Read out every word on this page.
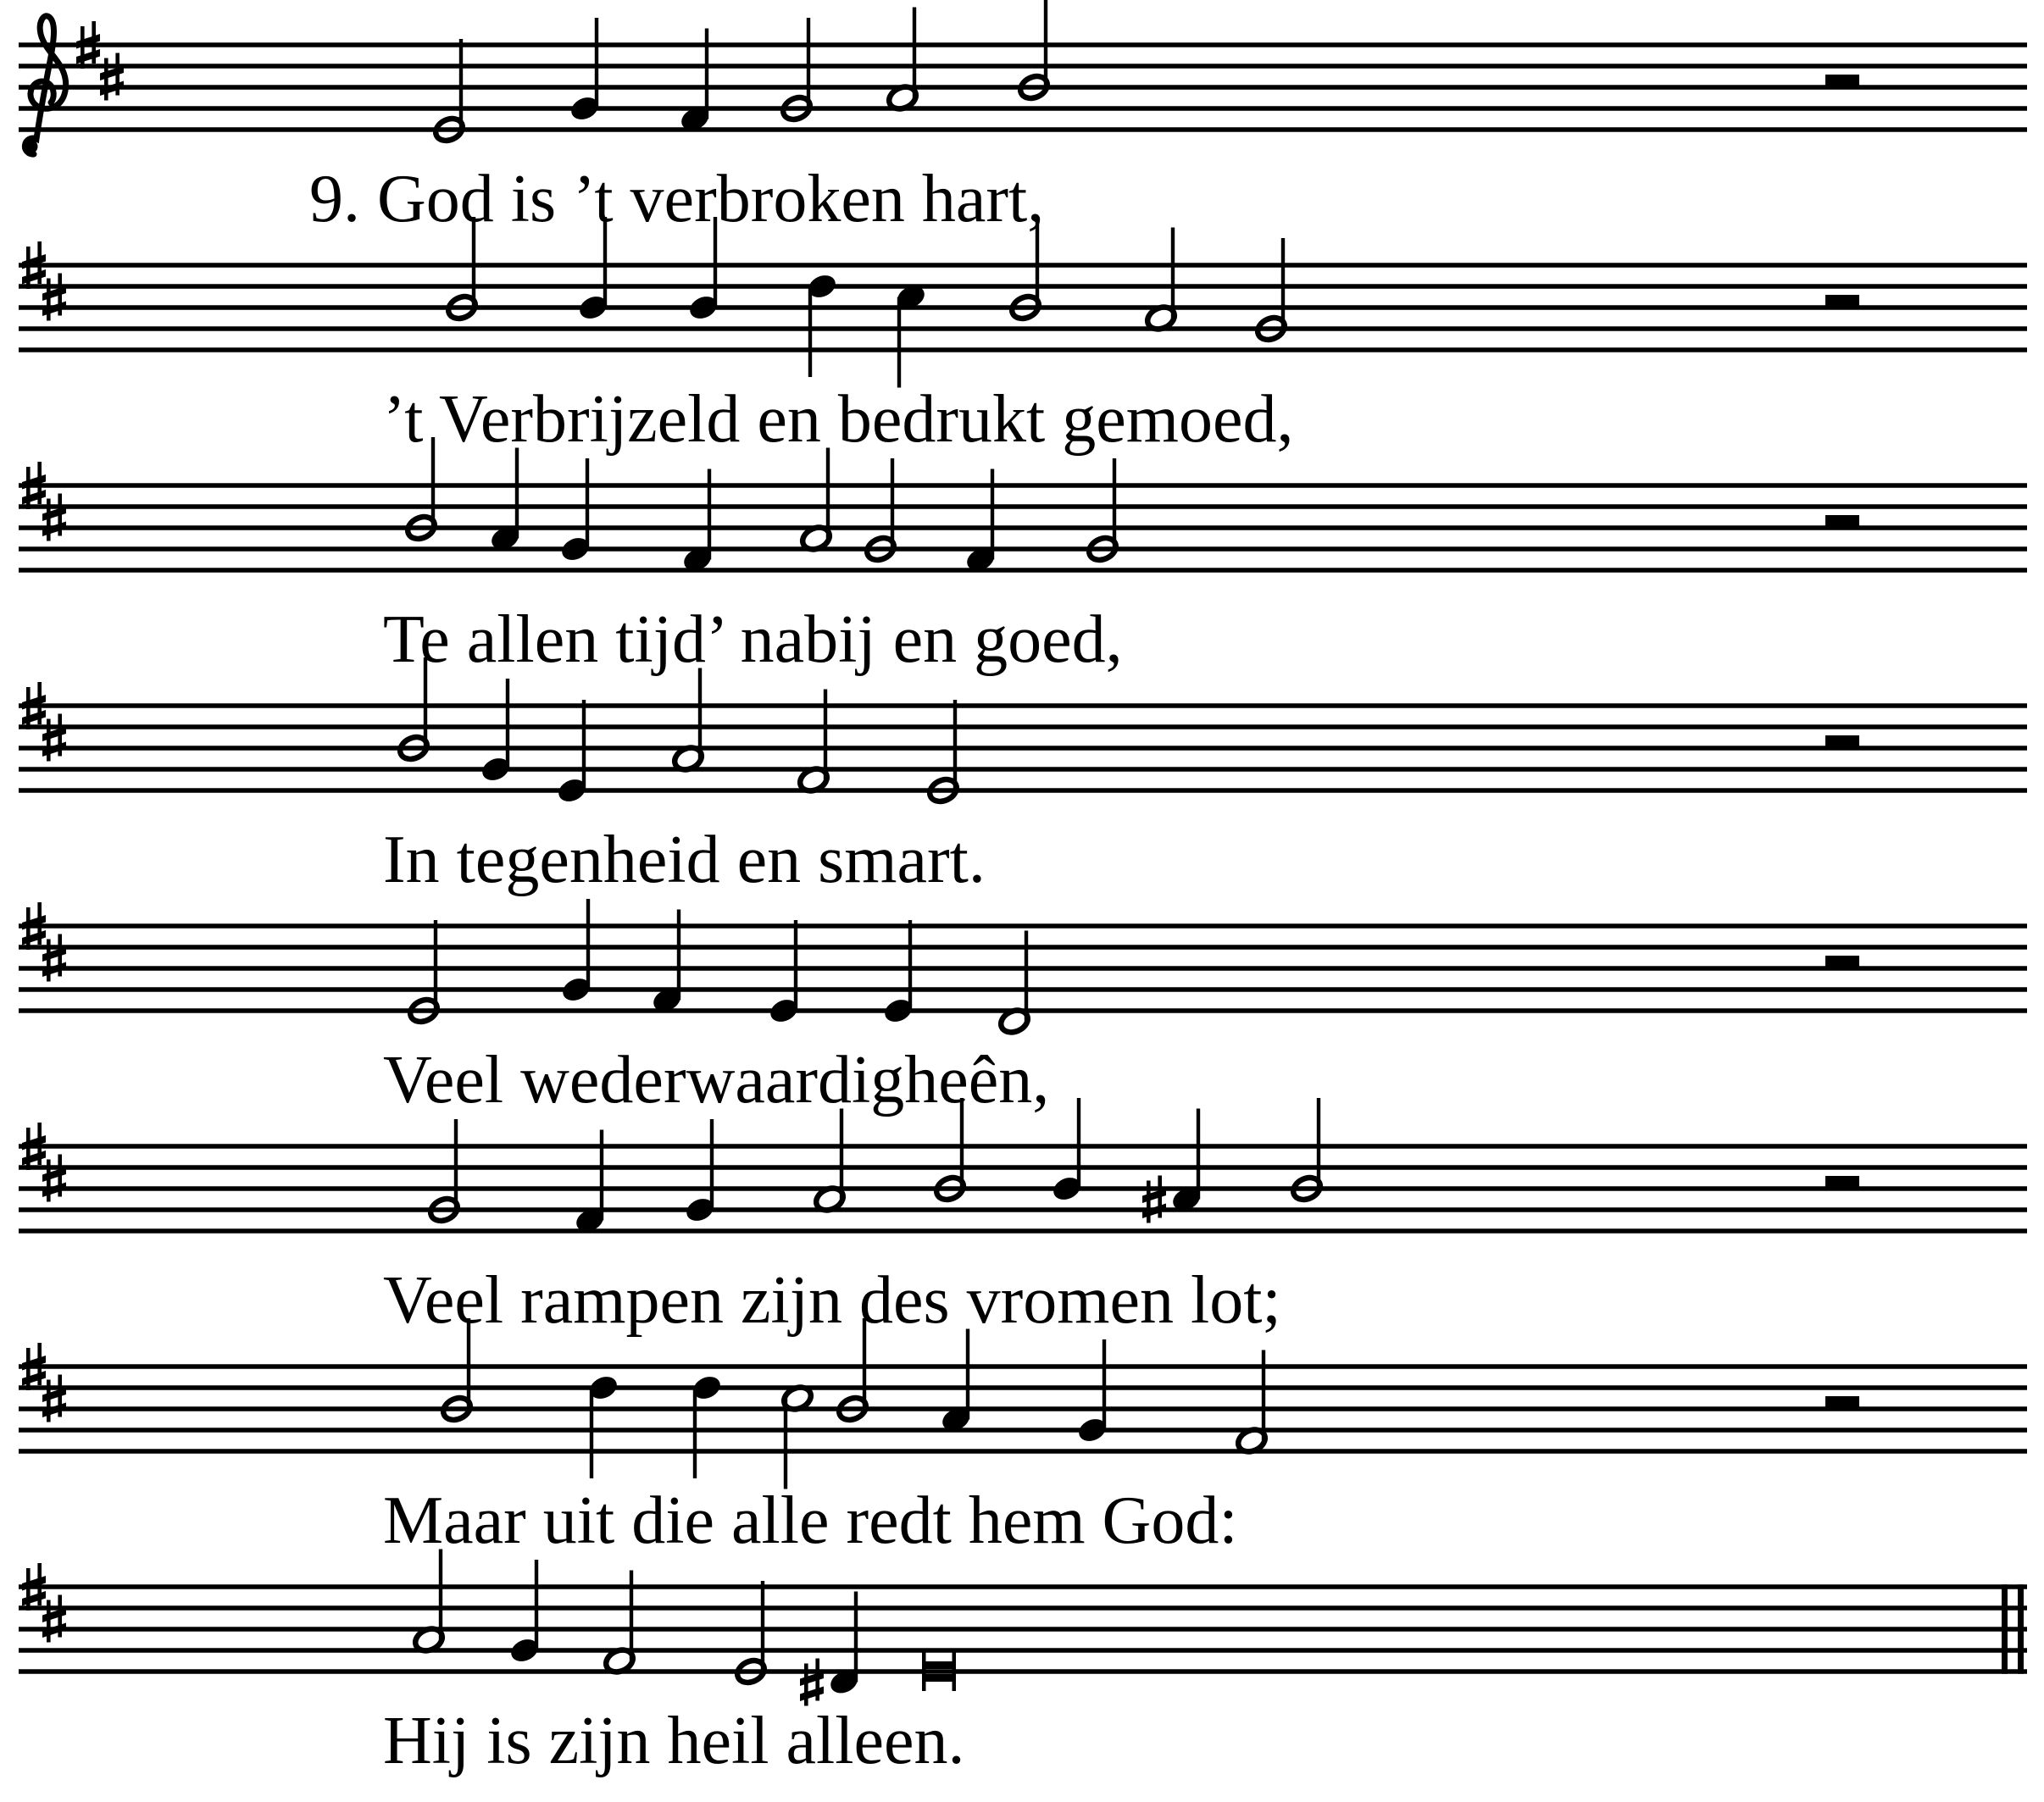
9. God is ’t verbroken hart,
’t Verbrijzeld en bedrukt gemoed,
Te allen tijd’ nabij en goed,
In tegenheid en smart.
Veel wederwaardigheên,
Veel rampen zijn des vromen lot;
Maar uit die alle redt hem God:
Hij is zijn heil alleen.
